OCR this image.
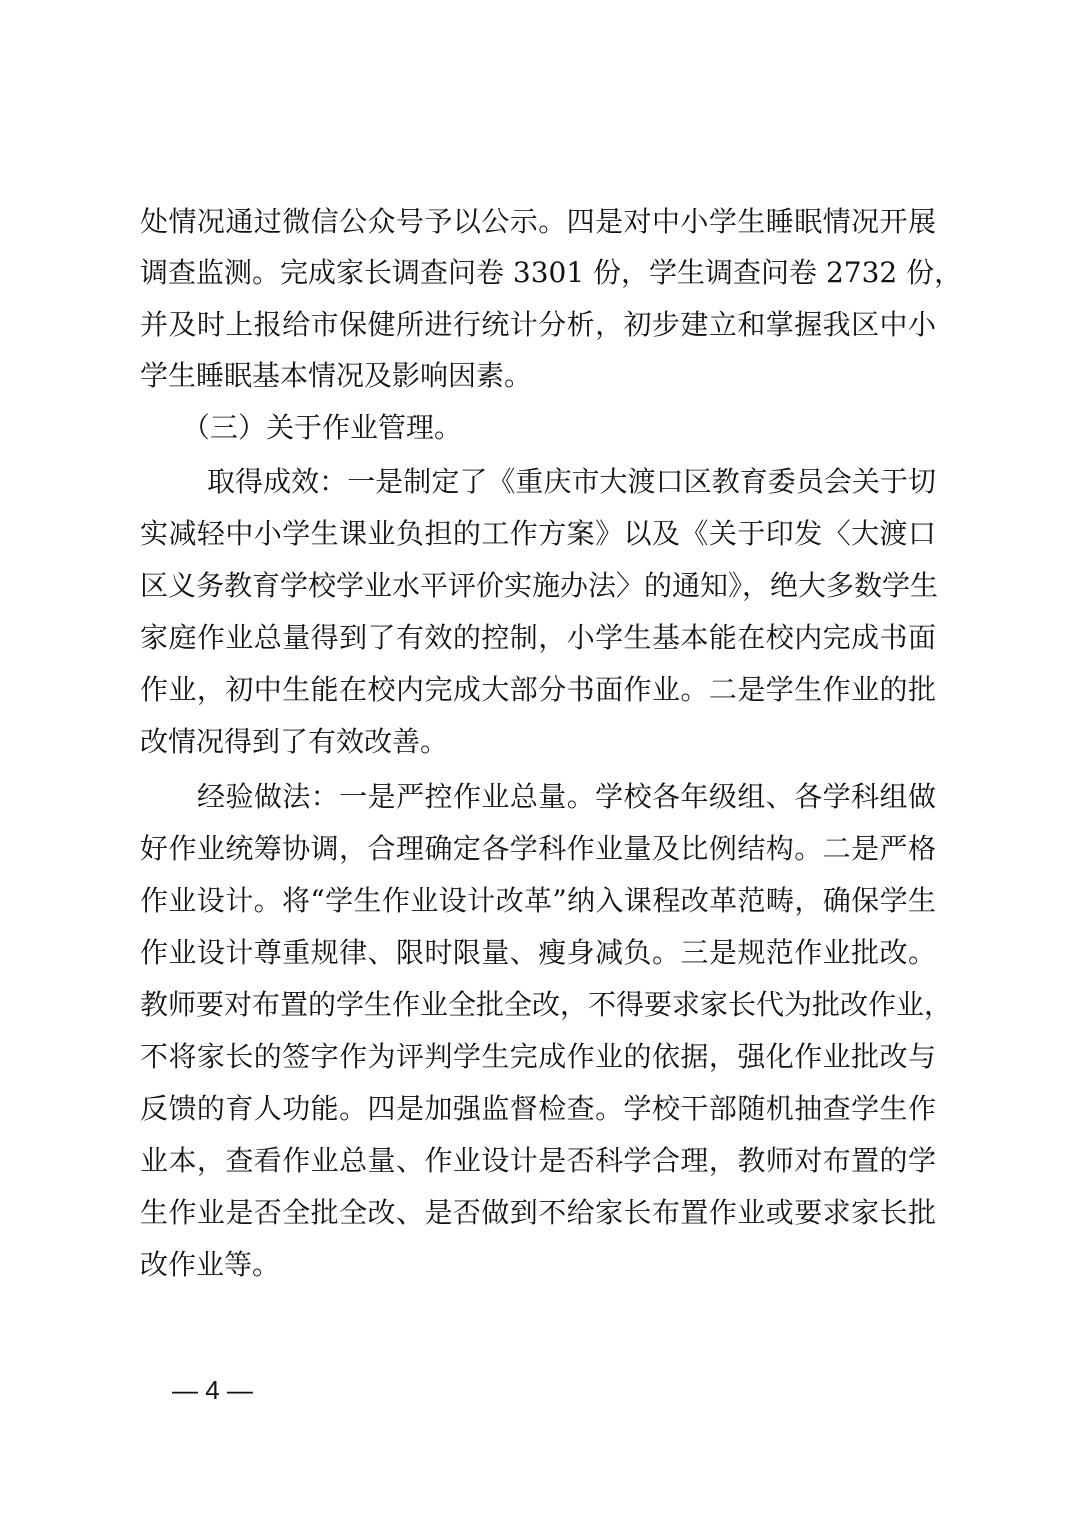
处情况通过微信公众号予以公示。四是对中小学生睡眠情况开展
调查监测。完成家长调查问卷 3301 份，学生调查问卷 2732 份，
并及时上报给市保健所进行统计分析，初步建立和掌握我区中小
学生睡眠基本情况及影响因素。
（三）关于作业管理。
取得成效：一是制定了《重庆市大渡口区教育委员会关于切
实减轻中小学生课业负担的工作方案》以及《关于印发〈大渡口
区义务教育学校学业水平评价实施办法〉的通知》，绝大多数学生
家庭作业总量得到了有效的控制，小学生基本能在校内完成书面
作业，初中生能在校内完成大部分书面作业。二是学生作业的批
改情况得到了有效改善。
经验做法：一是严控作业总量。学校各年级组、各学科组做
好作业统筹协调，合理确定各学科作业量及比例结构。二是严格
作业设计。将“学生作业设计改革”纳入课程改革范畴，确保学生
作业设计尊重规律、限时限量、瘦身减负。三是规范作业批改。
教师要对布置的学生作业全批全改，不得要求家长代为批改作业，
不将家长的签字作为评判学生完成作业的依据，强化作业批改与
反馈的育人功能。四是加强监督检查。学校干部随机抽查学生作
业本，查看作业总量、作业设计是否科学合理，教师对布置的学
生作业是否全批全改、是否做到不给家长布置作业或要求家长批
改作业等。
— 4 —
